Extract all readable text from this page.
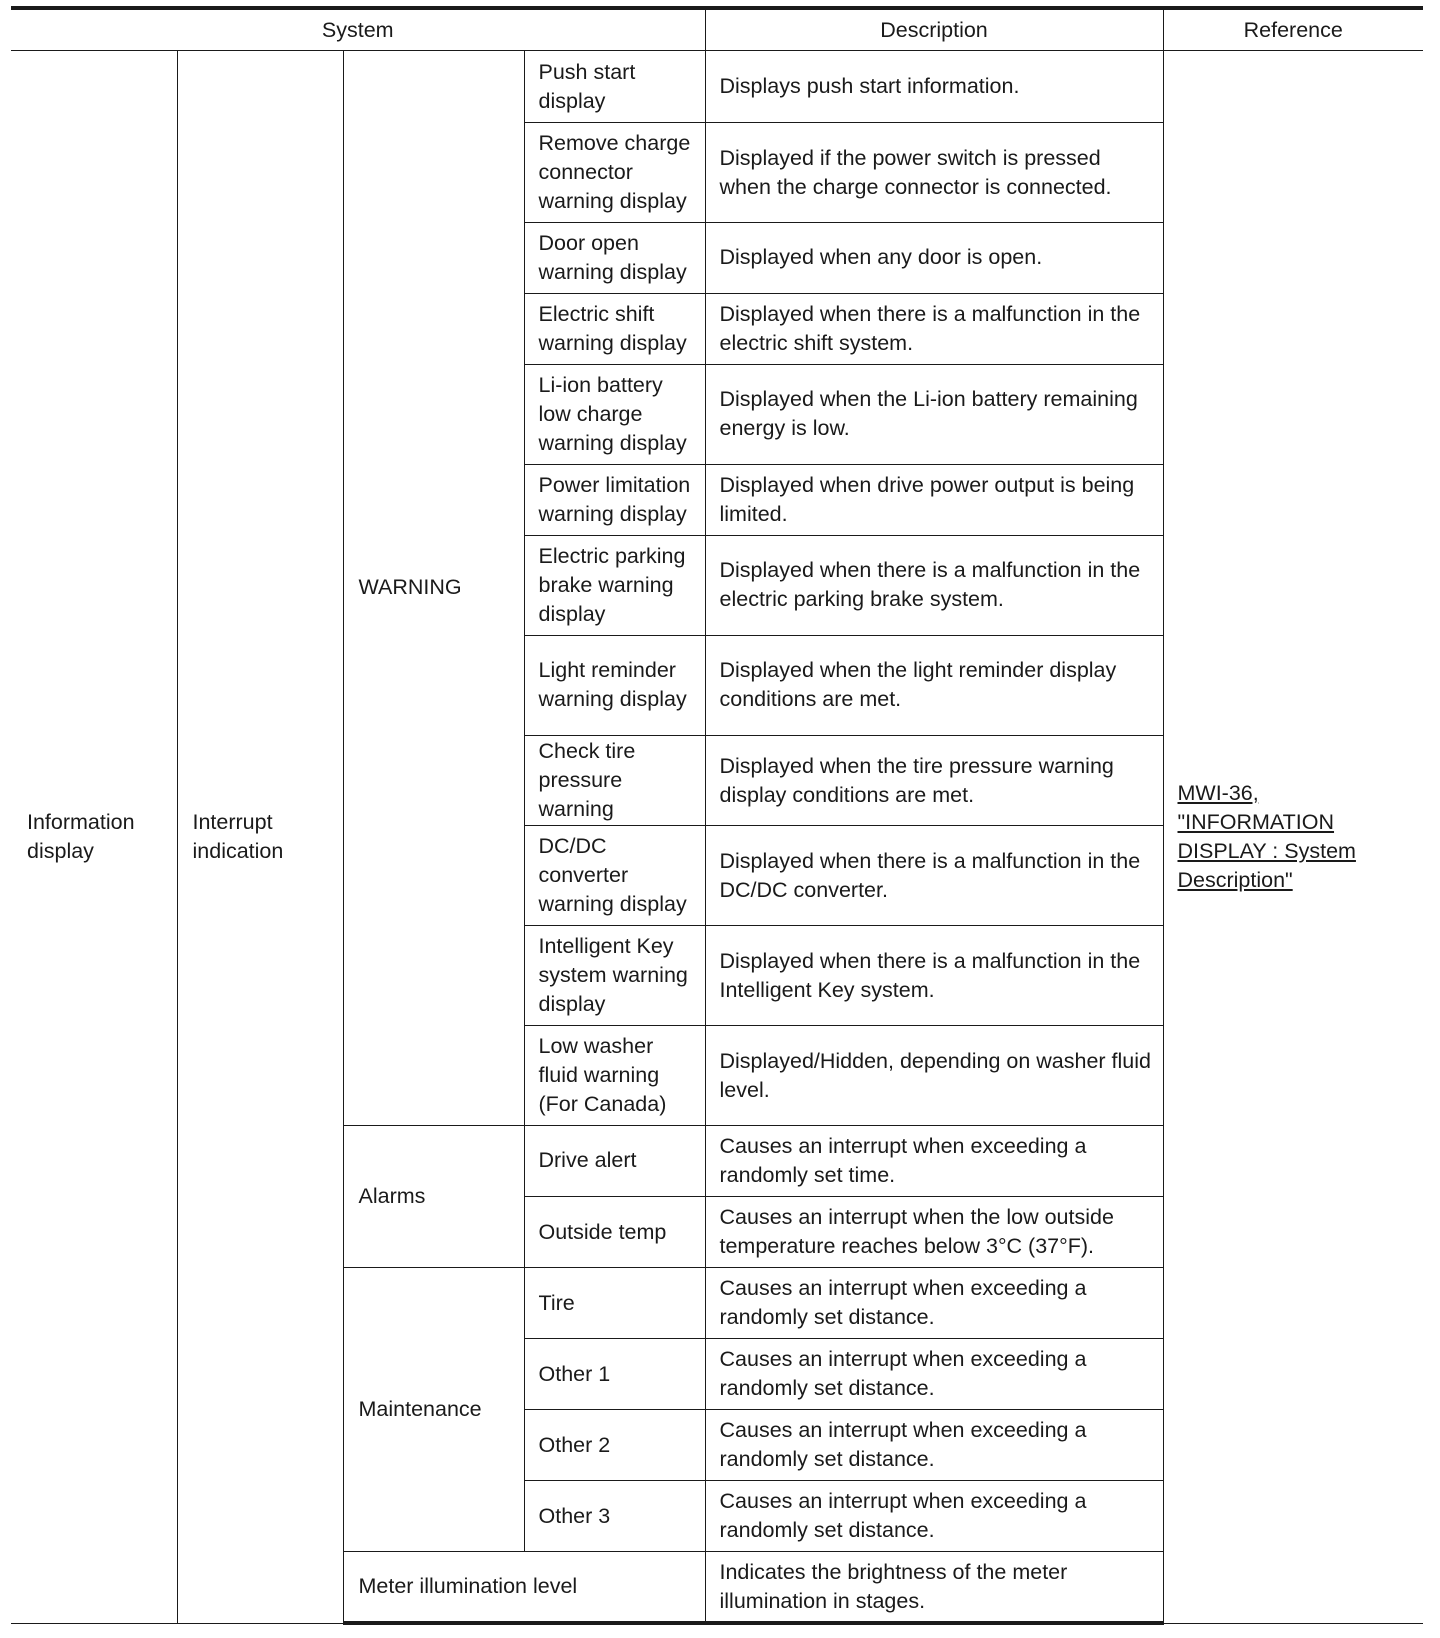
System				Description	Reference
Information display	Interrupt indication	WARNING	Push start display	Displays push start information.	MWI-36, "INFORMATION DISPLAY : System Description"
			Remove charge connector warning display	Displayed if the power switch is pressed when the charge connector is connected.	
			Door open warning display	Displayed when any door is open.	
			Electric shift warning display	Displayed when there is a malfunction in the electric shift system.	
			Li-ion battery low charge warning display	Displayed when the Li-ion battery remaining energy is low.	
			Power limitation warning display	Displayed when drive power output is being limited.	
			Electric parking brake warning display	Displayed when there is a malfunction in the electric parking brake system.	
			Light reminder warning display	Displayed when the light reminder display conditions are met.	
			Check tire pressure warning	Displayed when the tire pressure warning display conditions are met.	
			DC/DC converter warning display	Displayed when there is a malfunction in the DC/DC converter.	
			Intelligent Key system warning display	Displayed when there is a malfunction in the Intelligent Key system.	
			Low washer fluid warning (For Canada)	Displayed/Hidden, depending on washer fluid level.	
		Alarms	Drive alert	Causes an interrupt when exceeding a randomly set time.	
			Outside temp	Causes an interrupt when the low outside temperature reaches below 3°C (37°F).	
		Maintenance	Tire	Causes an interrupt when exceeding a randomly set distance.	
			Other 1	Causes an interrupt when exceeding a randomly set distance.	
			Other 2	Causes an interrupt when exceeding a randomly set distance.	
			Other 3	Causes an interrupt when exceeding a randomly set distance.	
		Meter illumination level		Indicates the brightness of the meter illumination in stages.	
